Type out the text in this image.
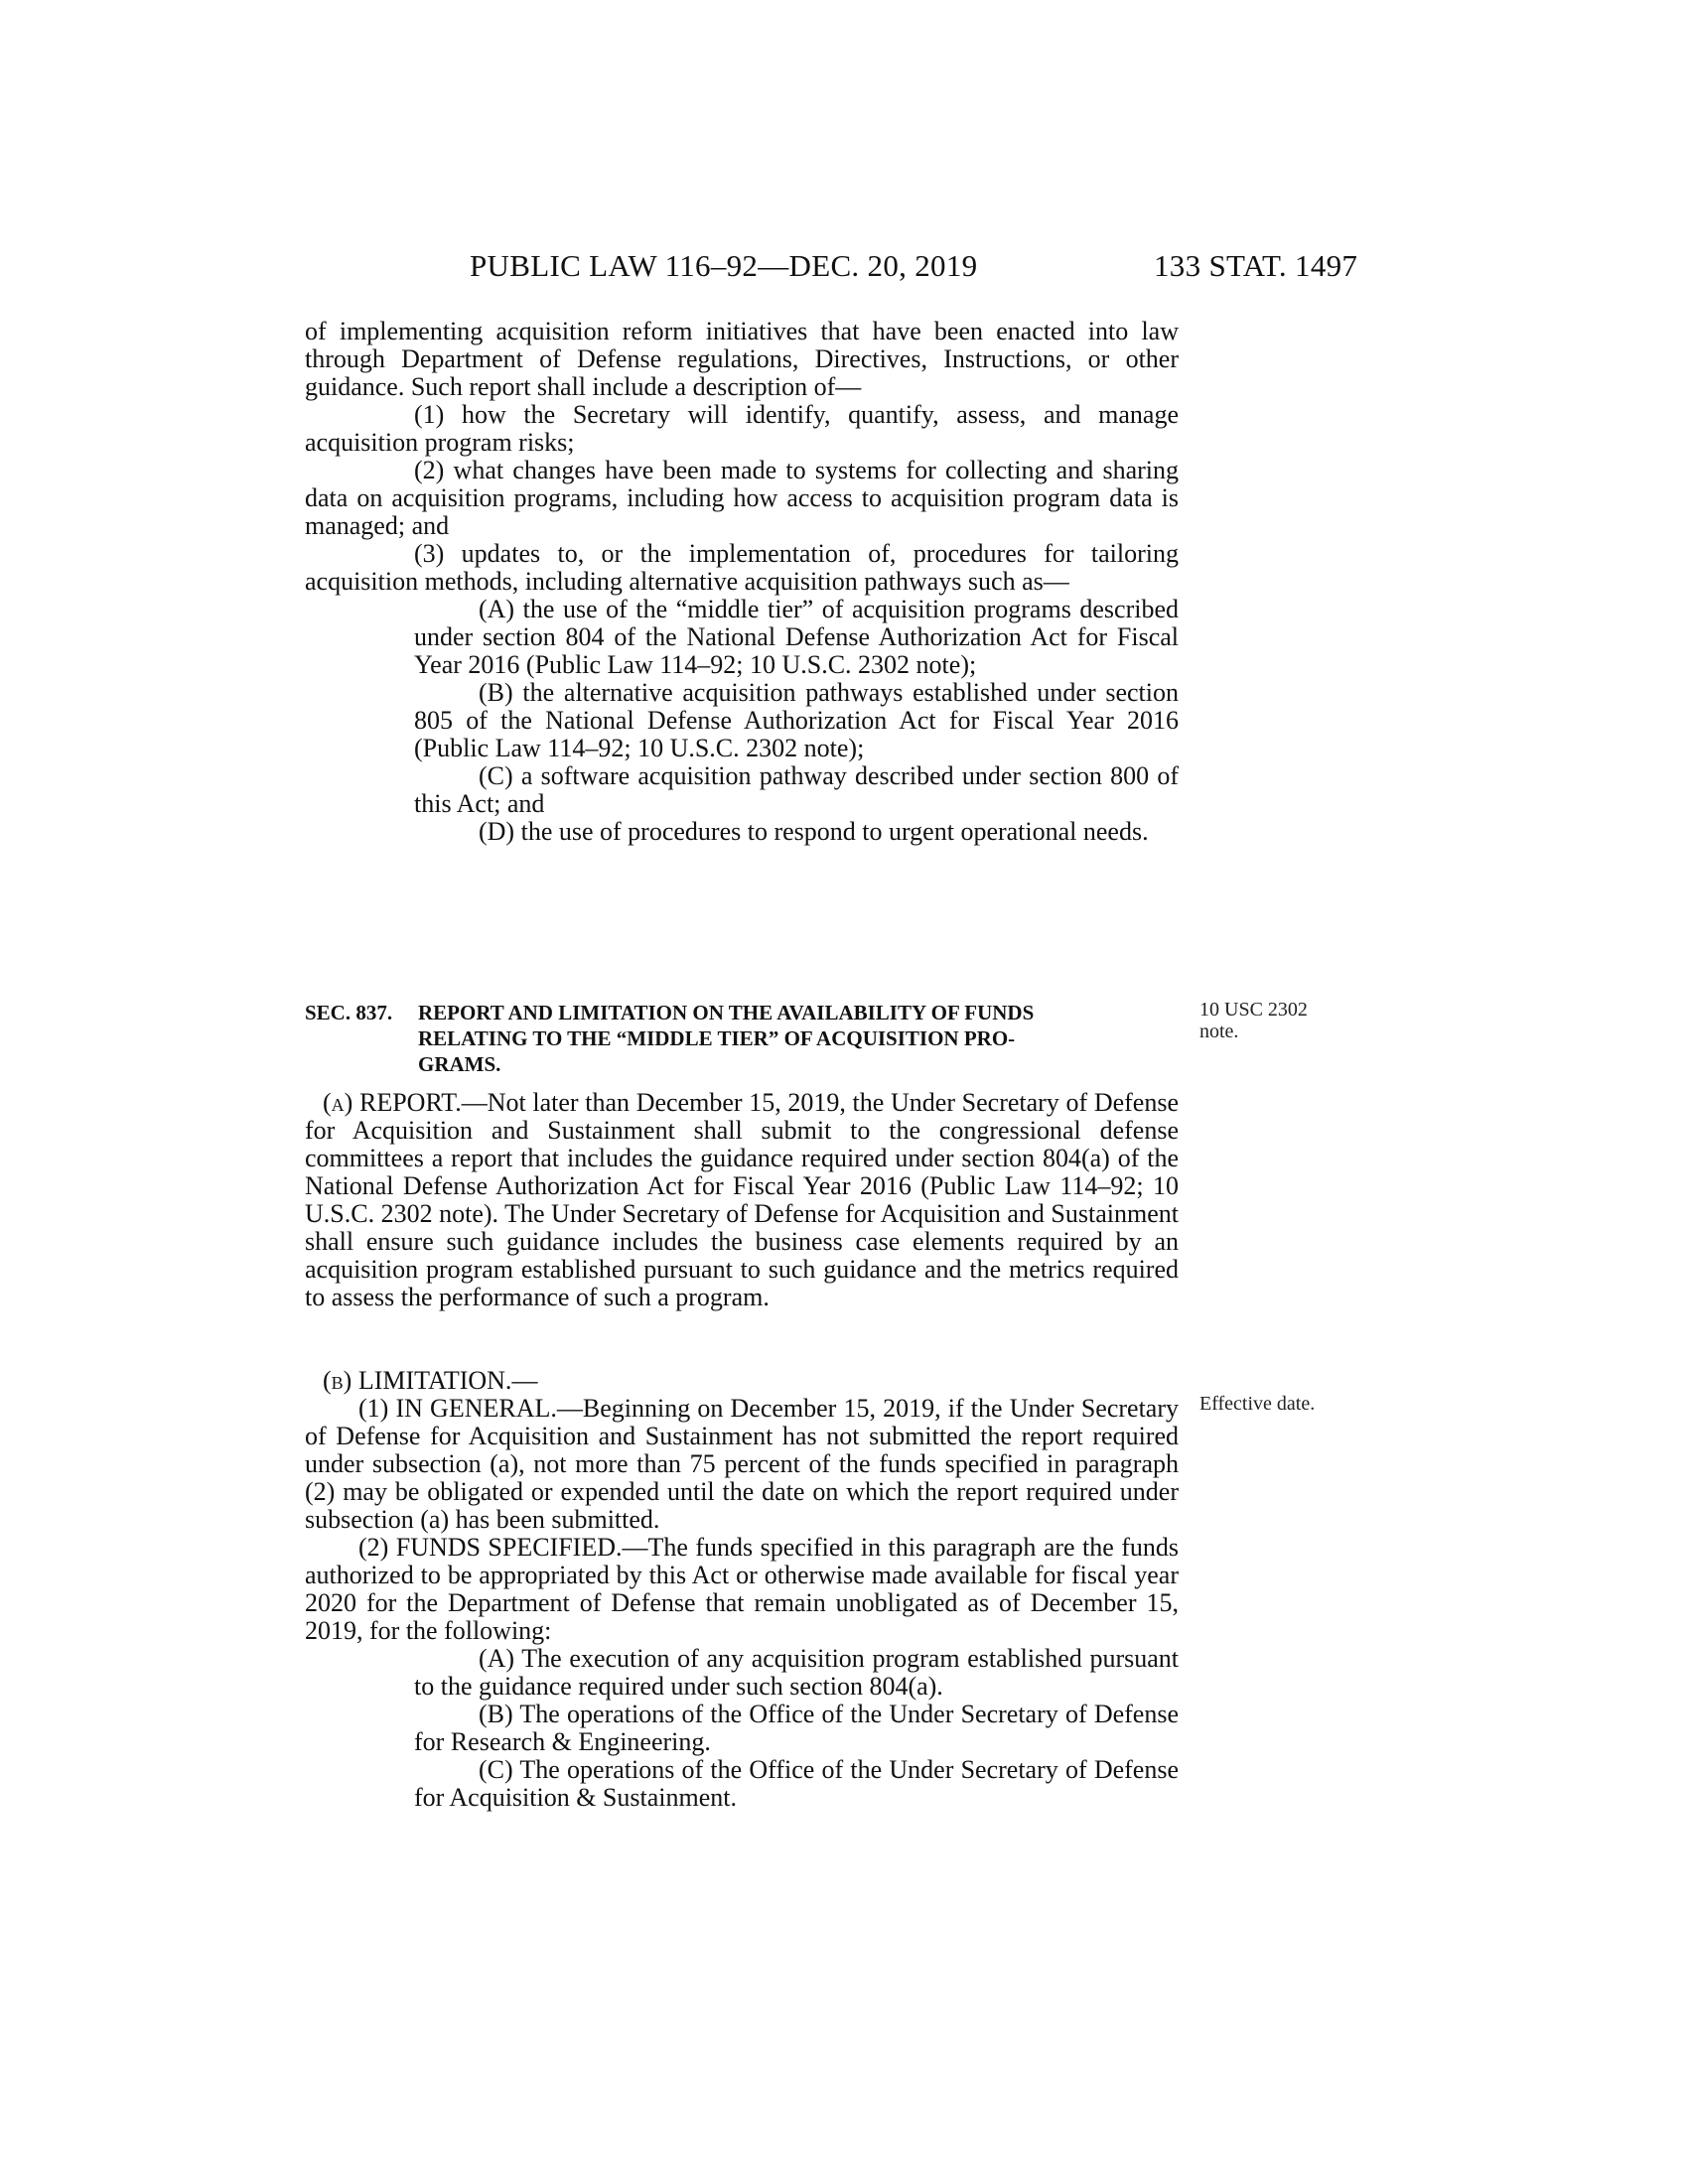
PUBLIC LAW 116–92—DEC. 20, 2019	133 STAT. 1497

of implementing acquisition reform initiatives that have been enacted into law through Department of Defense regulations, Directives, Instructions, or other guidance. Such report shall include a description of—

(1) how the Secretary will identify, quantify, assess, and manage acquisition program risks;

(2) what changes have been made to systems for collecting and sharing data on acquisition programs, including how access to acquisition program data is managed; and

(3) updates to, or the implementation of, procedures for tailoring acquisition methods, including alternative acquisition pathways such as—

(A) the use of the “middle tier” of acquisition programs described under section 804 of the National Defense Authorization Act for Fiscal Year 2016 (Public Law 114–92; 10 U.S.C. 2302 note);

(B) the alternative acquisition pathways established under section 805 of the National Defense Authorization Act for Fiscal Year 2016 (Public Law 114–92; 10 U.S.C. 2302 note);

(C) a software acquisition pathway described under section 800 of this Act; and

(D) the use of procedures to respond to urgent operational needs.

SEC. 837. REPORT AND LIMITATION ON THE AVAILABILITY OF FUNDS
RELATING TO THE “MIDDLE TIER” OF ACQUISITION PRO-
GRAMS.
10 USC 2302
note.

(a) REPORT.—Not later than December 15, 2019, the Under Secretary of Defense for Acquisition and Sustainment shall submit to the congressional defense committees a report that includes the guidance required under section 804(a) of the National Defense Authorization Act for Fiscal Year 2016 (Public Law 114–92; 10 U.S.C. 2302 note). The Under Secretary of Defense for Acquisition and Sustainment shall ensure such guidance includes the business case elements required by an acquisition program established pursuant to such guidance and the metrics required to assess the performance of such a program.

(b) LIMITATION.—

(1) IN GENERAL.—Beginning on December 15, 2019, if the Under Secretary of Defense for Acquisition and Sustainment has not submitted the report required under subsection (a), not more than 75 percent of the funds specified in paragraph (2) may be obligated or expended until the date on which the report required under subsection (a) has been submitted.

(2) FUNDS SPECIFIED.—The funds specified in this paragraph are the funds authorized to be appropriated by this Act or otherwise made available for fiscal year 2020 for the Department of Defense that remain unobligated as of December 15, 2019, for the following:

(A) The execution of any acquisition program established pursuant to the guidance required under such section 804(a).

(B) The operations of the Office of the Under Secretary of Defense for Research & Engineering.

(C) The operations of the Office of the Under Secretary of Defense for Acquisition & Sustainment.

Effective date.
